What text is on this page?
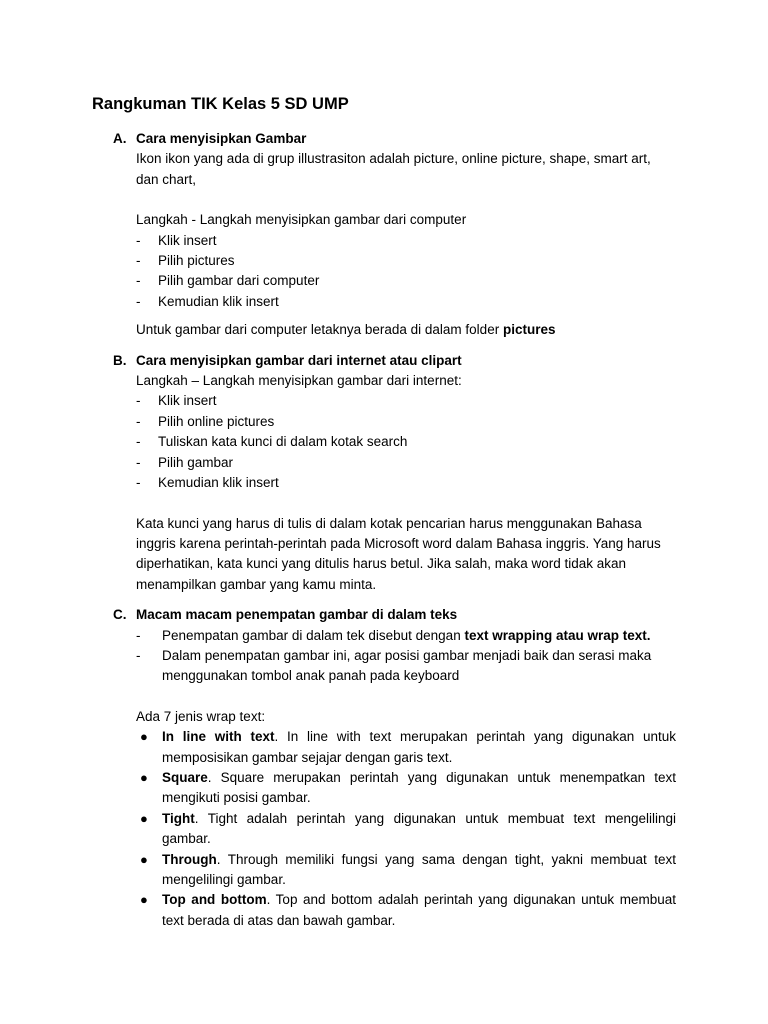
Rangkuman TIK Kelas 5 SD UMP
A. Cara menyisipkan Gambar

Ikon ikon yang ada di grup illustrasiton adalah picture, online picture, shape, smart art, dan chart,

Langkah - Langkah menyisipkan gambar dari computer

- Klik insert
- Pilih pictures
- Pilih gambar dari computer
- Kemudian klik insert

Untuk gambar dari computer letaknya berada di dalam folder pictures

B. Cara menyisipkan gambar dari internet atau clipart

Langkah – Langkah menyisipkan gambar dari internet:

- Klik insert
- Pilih online pictures
- Tuliskan kata kunci di dalam kotak search
- Pilih gambar
- Kemudian klik insert

Kata kunci yang harus di tulis di dalam kotak pencarian harus menggunakan Bahasa inggris karena perintah-perintah pada Microsoft word dalam Bahasa inggris. Yang harus diperhatikan, kata kunci yang ditulis harus betul. Jika salah, maka word tidak akan menampilkan gambar yang kamu minta.

C. Macam macam penempatan gambar di dalam teks
- Penempatan gambar di dalam tek disebut dengan text wrapping atau wrap text.
- Dalam penempatan gambar ini, agar posisi gambar menjadi baik dan serasi maka menggunakan tombol anak panah pada keyboard

Ada 7 jenis wrap text:

● In line with text. In line with text merupakan perintah yang digunakan untuk memposisikan gambar sejajar dengan garis text.
● Square. Square merupakan perintah yang digunakan untuk menempatkan text mengikuti posisi gambar.
● Tight. Tight adalah perintah yang digunakan untuk membuat text mengelilingi gambar.
● Through. Through memiliki fungsi yang sama dengan tight, yakni membuat text mengelilingi gambar.
● Top and bottom. Top and bottom adalah perintah yang digunakan untuk membuat text berada di atas dan bawah gambar.
